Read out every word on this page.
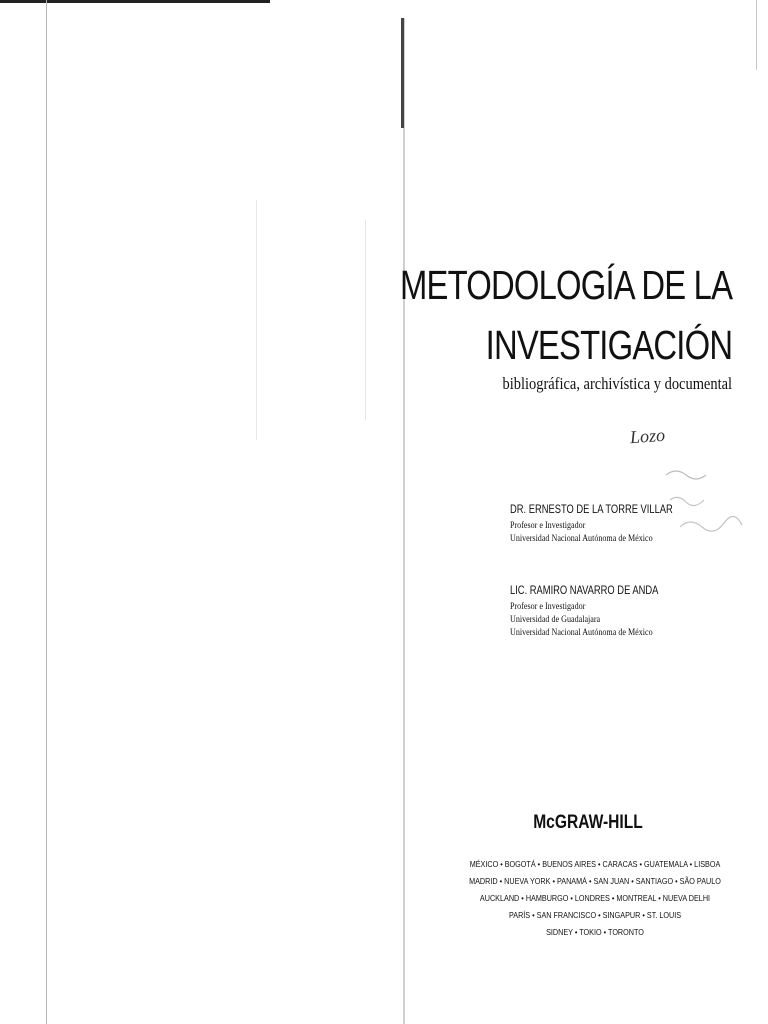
METODOLOGÍA DE LA
INVESTIGACIÓN
bibliográfica, archivística y documental
Lozo
DR. ERNESTO DE LA TORRE VILLAR
Profesor e Investigador
Universidad Nacional Autónoma de México
LIC. RAMIRO NAVARRO DE ANDA
Profesor e Investigador
Universidad de Guadalajara
Universidad Nacional Autónoma de México
McGRAW-HILL
MÉXICO • BOGOTÁ • BUENOS AIRES • CARACAS • GUATEMALA • LISBOA
MADRID • NUEVA YORK • PANAMÁ • SAN JUAN • SANTIAGO • SÃO PAULO
AUCKLAND • HAMBURGO • LONDRES • MONTREAL • NUEVA DELHI
PARÍS • SAN FRANCISCO • SINGAPUR • ST. LOUIS
SIDNEY • TOKIO • TORONTO
